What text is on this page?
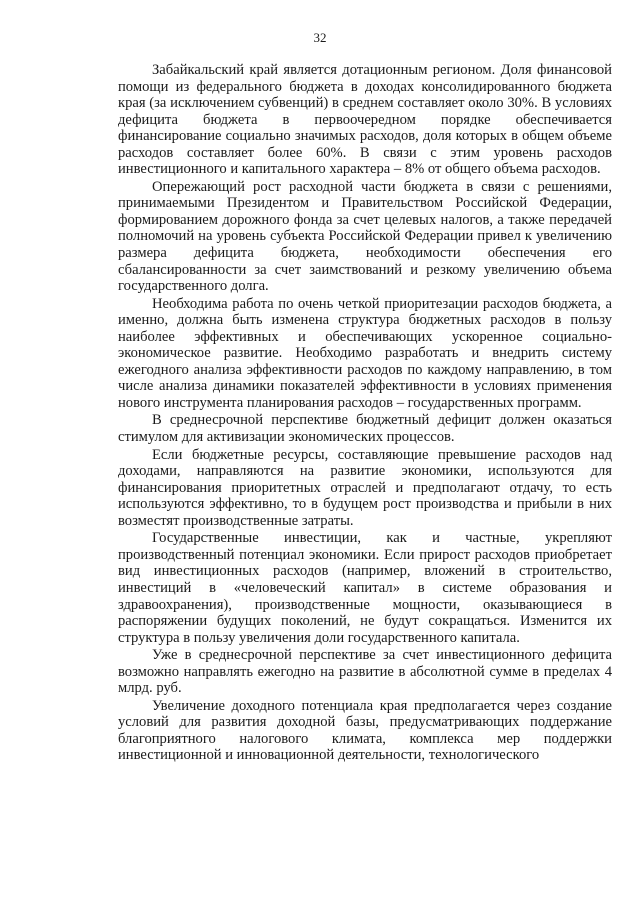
32

Забайкальский край является дотационным регионом. Доля финансовой помощи из федерального бюджета в доходах консолидированного бюджета края (за исключением субвенций) в среднем составляет около 30%. В условиях дефицита бюджета в первоочередном порядке обеспечивается финансирование социально значимых расходов, доля которых в общем объеме расходов составляет более 60%. В связи с этим уровень расходов инвестиционного и капитального характера – 8% от общего объема расходов.

Опережающий рост расходной части бюджета в связи с решениями, принимаемыми Президентом и Правительством Российской Федерации, формированием дорожного фонда за счет целевых налогов, а также передачей полномочий на уровень субъекта Российской Федерации привел к увеличению размера дефицита бюджета, необходимости обеспечения его сбалансированности за счет заимствований и резкому увеличению объема государственного долга.

Необходима работа по очень четкой приоритезации расходов бюджета, а именно, должна быть изменена структура бюджетных расходов в пользу наиболее эффективных и обеспечивающих ускоренное социально-экономическое развитие. Необходимо разработать и внедрить систему ежегодного анализа эффективности расходов по каждому направлению, в том числе анализа динамики показателей эффективности в условиях применения нового инструмента планирования расходов – государственных программ.

В среднесрочной перспективе бюджетный дефицит должен оказаться стимулом для активизации экономических процессов.

Если бюджетные ресурсы, составляющие превышение расходов над доходами, направляются на развитие экономики, используются для финансирования приоритетных отраслей и предполагают отдачу, то есть используются эффективно, то в будущем рост производства и прибыли в них возместят производственные затраты.

Государственные инвестиции, как и частные, укрепляют производственный потенциал экономики. Если прирост расходов приобретает вид инвестиционных расходов (например, вложений в строительство, инвестиций в «человеческий капитал» в системе образования и здравоохранения), производственные мощности, оказывающиеся в распоряжении будущих поколений, не будут сокращаться. Изменится их структура в пользу увеличения доли государственного капитала.

Уже в среднесрочной перспективе за счет инвестиционного дефицита возможно направлять ежегодно на развитие в абсолютной сумме в пределах 4 млрд. руб.

Увеличение доходного потенциала края предполагается через создание условий для развития доходной базы, предусматривающих поддержание благоприятного налогового климата, комплекса мер поддержки инвестиционной и инновационной деятельности, технологического
